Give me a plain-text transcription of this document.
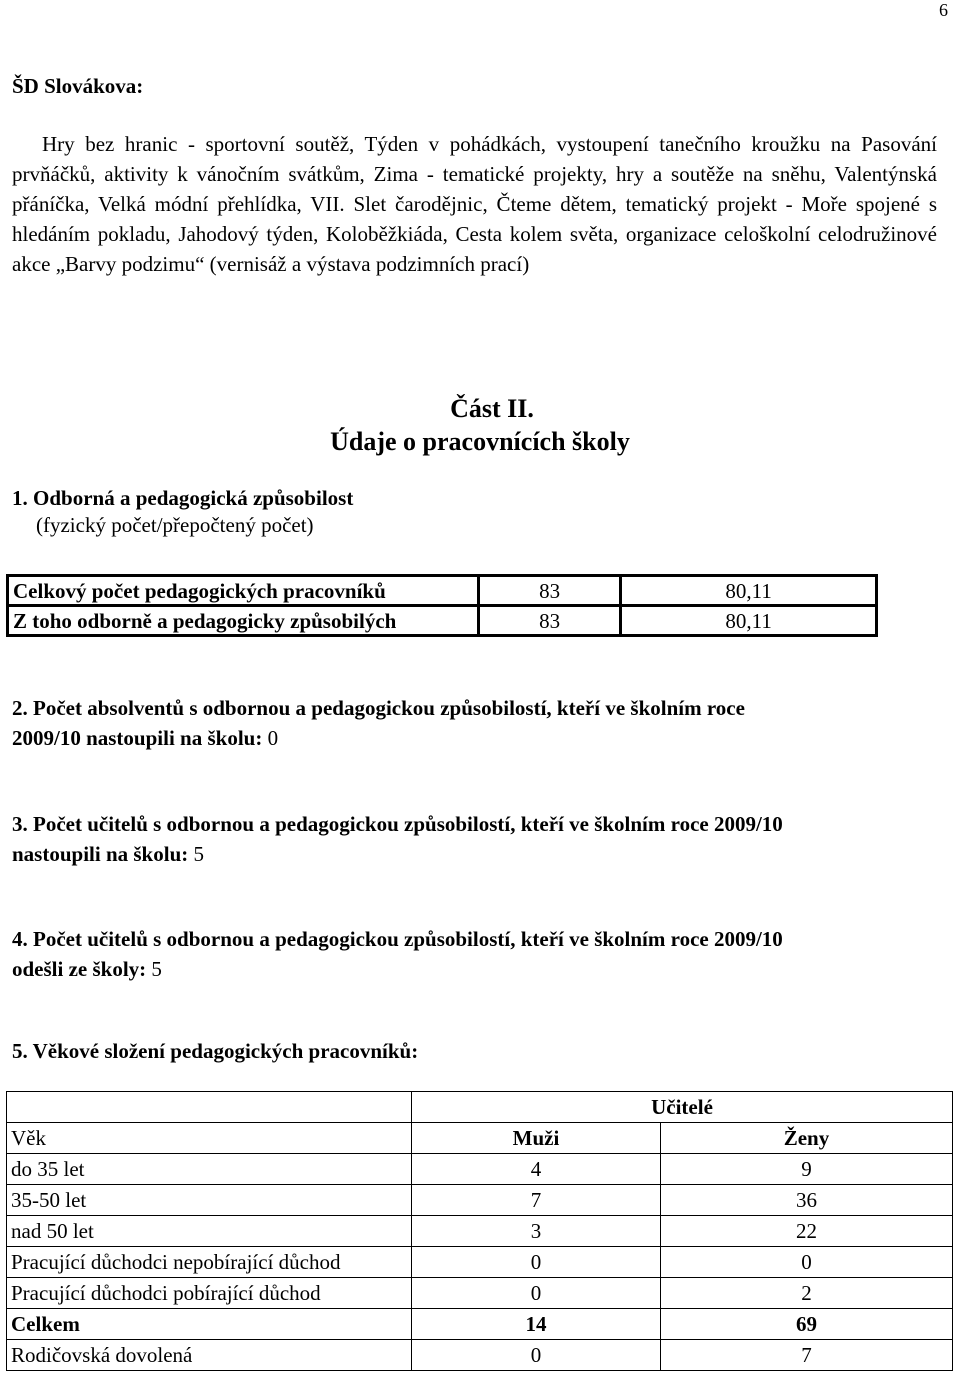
6
ŠD Slovákova:

Hry bez hranic - sportovní soutěž, Týden v pohádkách, vystoupení tanečního kroužku na Pasování prvňáčků, aktivity k vánočním svátkům, Zima - tematické projekty, hry a soutěže na sněhu, Valentýnská přáníčka, Velká módní přehlídka, VII. Slet čarodějnic, Čteme dětem, tematický projekt - Moře spojené s hledáním pokladu, Jahodový týden, Koloběžkiáda, Cesta kolem světa, organizace celoškolní celodružinové akce „Barvy podzimu“ (vernisáž a výstava podzimních prací)

Část II.
Údaje o pracovnících školy
1. Odborná a pedagogická způsobilost
(fyzický počet/přepočtený počet)
Celkový počet pedagogických pracovníků	83	80,11
Z toho odborně a pedagogicky způsobilých	83	80,11
2. Počet absolventů s odbornou a pedagogickou způsobilostí, kteří ve školním roce
2009/10 nastoupili na školu: 0
3. Počet učitelů s odbornou a pedagogickou způsobilostí, kteří ve školním roce 2009/10
nastoupili na školu: 5
4. Počet učitelů s odbornou a pedagogickou způsobilostí, kteří ve školním roce 2009/10
odešli ze školy: 5
5. Věkové složení pedagogických pracovníků:
	Učitelé	
Věk	Muži	Ženy
do 35 let	4	9
35-50 let	7	36
nad 50 let	3	22
Pracující důchodci nepobírající důchod	0	0
Pracující důchodci pobírající důchod	0	2
Celkem	14	69
Rodičovská dovolená	0	7
